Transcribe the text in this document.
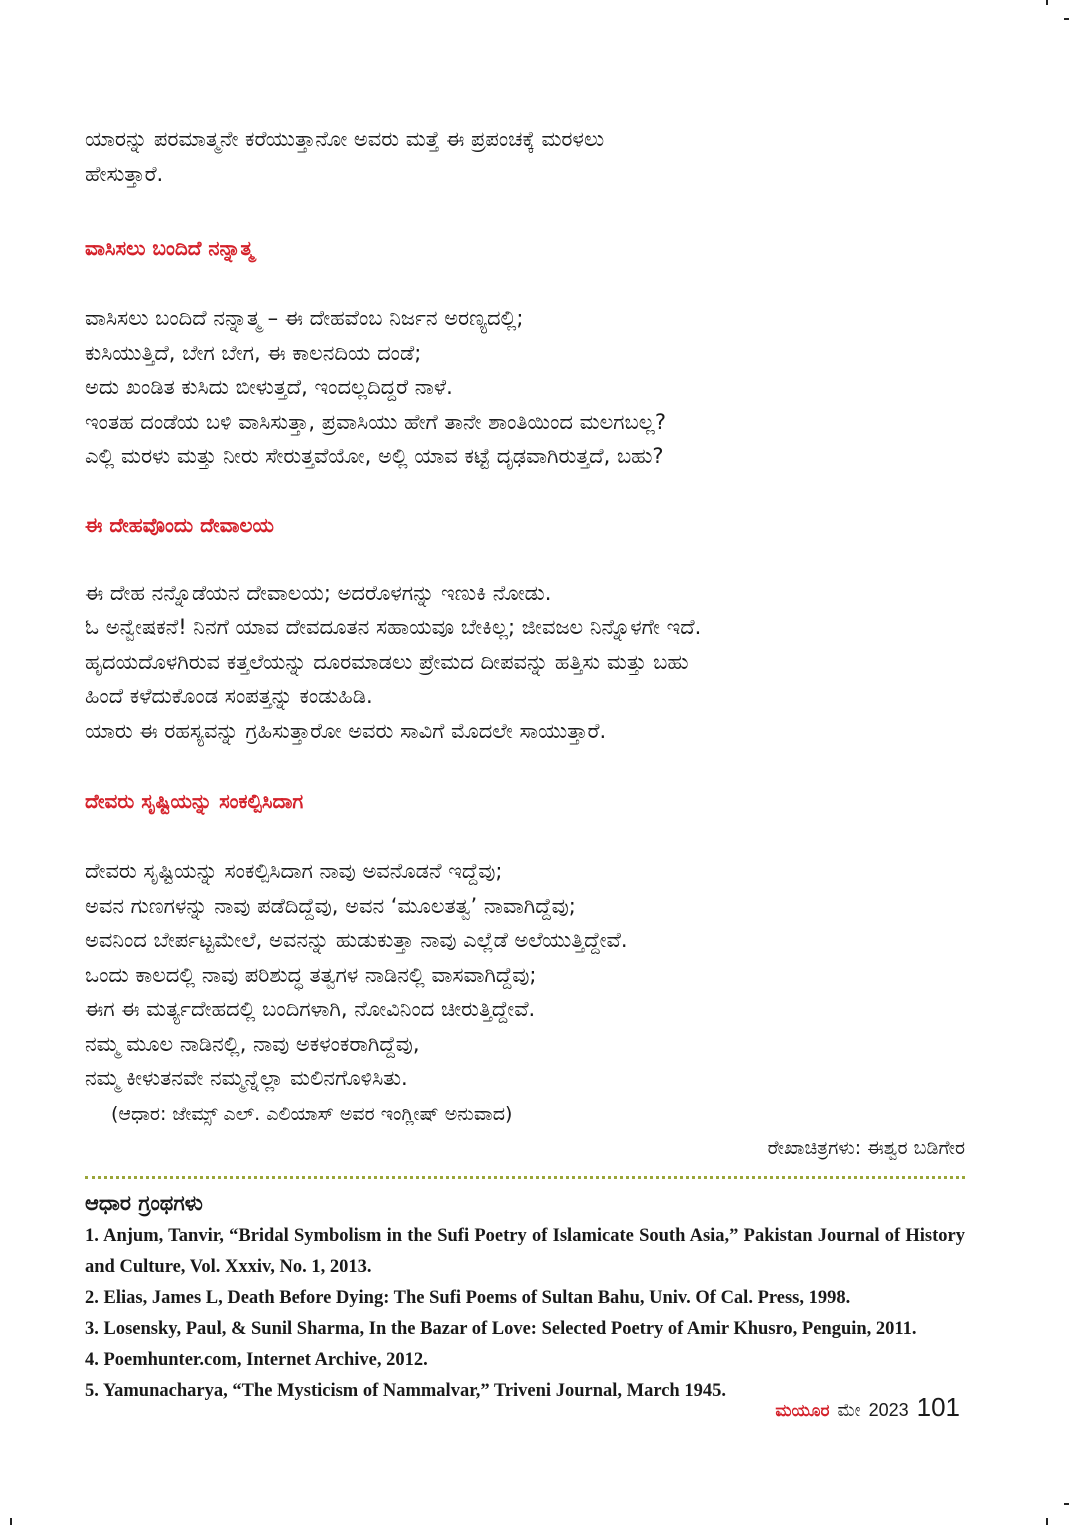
ಯಾರನ್ನು ಪರಮಾತ್ಮನೇ ಕರೆಯುತ್ತಾನೋ ಅವರು ಮತ್ತೆ ಈ ಪ್ರಪಂಚಕ್ಕೆ ಮರಳಲು

ಹೇಸುತ್ತಾರೆ.

ವಾಸಿಸಲು ಬಂದಿದೆ ನನ್ನಾತ್ಮ

ವಾಸಿಸಲು ಬಂದಿದೆ ನನ್ನಾತ್ಮ – ಈ ದೇಹವೆಂಬ ನಿರ್ಜನ ಅರಣ್ಯದಲ್ಲಿ;

ಕುಸಿಯುತ್ತಿದೆ, ಬೇಗ ಬೇಗ, ಈ ಕಾಲನದಿಯ ದಂಡೆ;

ಅದು ಖಂಡಿತ ಕುಸಿದು ಬೀಳುತ್ತದೆ, ಇಂದಲ್ಲದಿದ್ದರೆ ನಾಳೆ.

ಇಂತಹ ದಂಡೆಯ ಬಳಿ ವಾಸಿಸುತ್ತಾ, ಪ್ರವಾಸಿಯು ಹೇಗೆ ತಾನೇ ಶಾಂತಿಯಿಂದ ಮಲಗಬಲ್ಲ?

ಎಲ್ಲಿ ಮರಳು ಮತ್ತು ನೀರು ಸೇರುತ್ತವೆಯೋ, ಅಲ್ಲಿ ಯಾವ ಕಟ್ಟೆ ದೃಢವಾಗಿರುತ್ತದೆ, ಬಹು?

ಈ ದೇಹವೊಂದು ದೇವಾಲಯ

ಈ ದೇಹ ನನ್ನೊಡೆಯನ ದೇವಾಲಯ; ಅದರೊಳಗನ್ನು ಇಣುಕಿ ನೋಡು.

ಓ ಅನ್ವೇಷಕನೆ! ನಿನಗೆ ಯಾವ ದೇವದೂತನ ಸಹಾಯವೂ ಬೇಕಿಲ್ಲ; ಜೀವಜಲ ನಿನ್ನೊಳಗೇ ಇದೆ.

ಹೃದಯದೊಳಗಿರುವ ಕತ್ತಲೆಯನ್ನು ದೂರಮಾಡಲು ಪ್ರೇಮದ ದೀಪವನ್ನು ಹತ್ತಿಸು ಮತ್ತು ಬಹು

ಹಿಂದೆ ಕಳೆದುಕೊಂಡ ಸಂಪತ್ತನ್ನು ಕಂಡುಹಿಡಿ.

ಯಾರು ಈ ರಹಸ್ಯವನ್ನು ಗ್ರಹಿಸುತ್ತಾರೋ ಅವರು ಸಾವಿಗೆ ಮೊದಲೇ ಸಾಯುತ್ತಾರೆ.

ದೇವರು ಸೃಷ್ಟಿಯನ್ನು ಸಂಕಲ್ಪಿಸಿದಾಗ

ದೇವರು ಸೃಷ್ಟಿಯನ್ನು ಸಂಕಲ್ಪಿಸಿದಾಗ ನಾವು ಅವನೊಡನೆ ಇದ್ದೆವು;

ಅವನ ಗುಣಗಳನ್ನು ನಾವು ಪಡೆದಿದ್ದೆವು, ಅವನ ‘ಮೂಲತತ್ವ’ ನಾವಾಗಿದ್ದೆವು;

ಅವನಿಂದ ಬೇರ್ಪಟ್ಟಮೇಲೆ, ಅವನನ್ನು ಹುಡುಕುತ್ತಾ ನಾವು ಎಲ್ಲೆಡೆ ಅಲೆಯುತ್ತಿದ್ದೇವೆ.

ಒಂದು ಕಾಲದಲ್ಲಿ ನಾವು ಪರಿಶುದ್ಧ ತತ್ವಗಳ ನಾಡಿನಲ್ಲಿ ವಾಸವಾಗಿದ್ದೆವು;

ಈಗ ಈ ಮರ್ತ್ಯದೇಹದಲ್ಲಿ ಬಂದಿಗಳಾಗಿ, ನೋವಿನಿಂದ ಚೀರುತ್ತಿದ್ದೇವೆ.

ನಮ್ಮ ಮೂಲ ನಾಡಿನಲ್ಲಿ, ನಾವು ಅಕಳಂಕರಾಗಿದ್ದೆವು,

ನಮ್ಮ ಕೀಳುತನವೇ ನಮ್ಮನ್ನೆಲ್ಲಾ ಮಲಿನಗೊಳಿಸಿತು.

(ಆಧಾರ: ಜೇಮ್ಸ್ ಎಲ್. ಎಲಿಯಾಸ್ ಅವರ ಇಂಗ್ಲೀಷ್ ಅನುವಾದ)

ರೇಖಾಚಿತ್ರಗಳು: ಈಶ್ವರ ಬಡಿಗೇರ

ಆಧಾರ ಗ್ರಂಥಗಳು
1. Anjum, Tanvir, “Bridal Symbolism in the Sufi Poetry of Islamicate South Asia,” Pakistan Journal of History and Culture, Vol. Xxxiv, No. 1, 2013.
2. Elias, James L, Death Before Dying: The Sufi Poems of Sultan Bahu, Univ. Of Cal. Press, 1998.
3. Losensky, Paul, & Sunil Sharma, In the Bazar of Love: Selected Poetry of Amir Khusro, Penguin, 2011.
4. Poemhunter.com, Internet Archive, 2012.
5. Yamunacharya, “The Mysticism of Nammalvar,” Triveni Journal, March 1945.
ಮಯೂರ ಮೇ 2023 101
